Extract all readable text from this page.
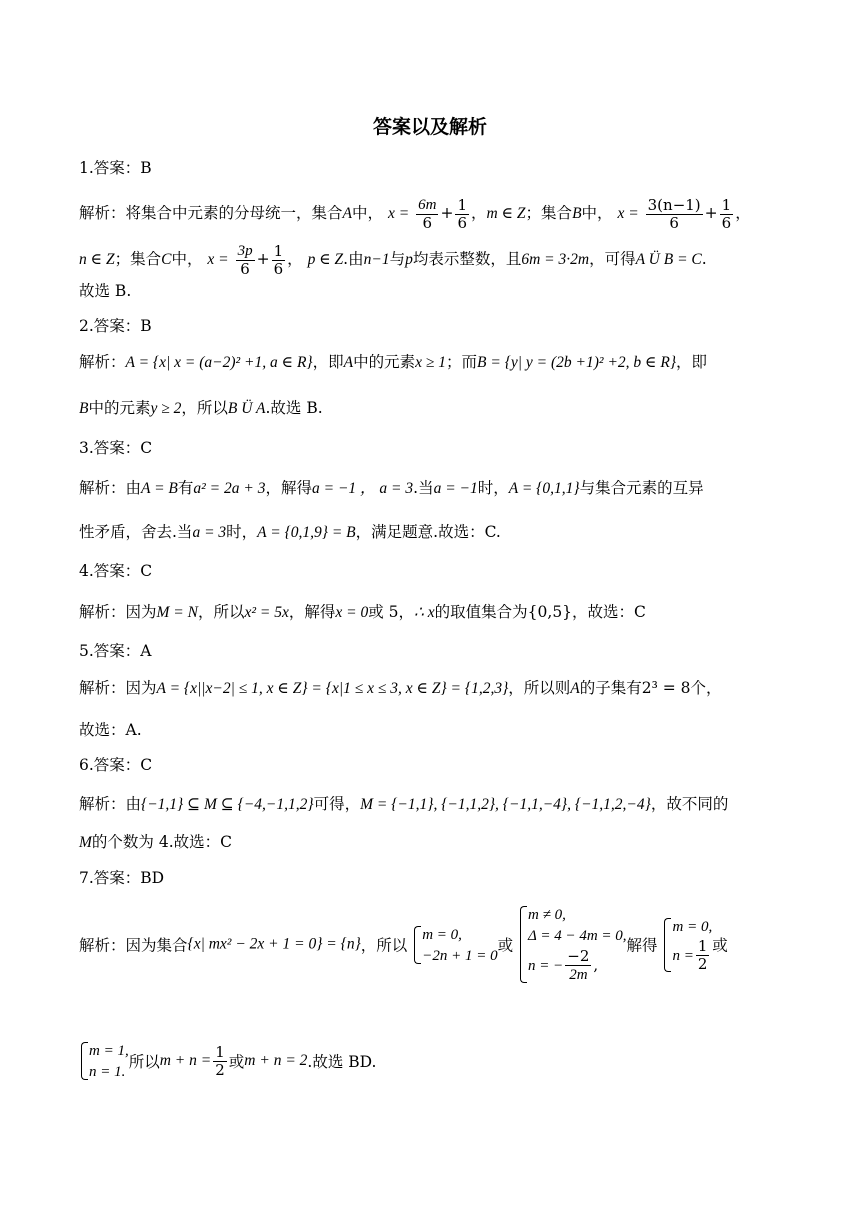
答案以及解析
1.答案：B
解析：将集合中元素的分母统一，集合A中， $x = \frac{6m}{6} + \frac{1}{6}$ ，m ∈ Z；集合B中， $x = \frac{3(n-1)}{6} + \frac{1}{6}$ ，
n ∈ Z；集合C中， $x = \frac{3p}{6} + \frac{1}{6}$ ， p ∈ Z.由n−1与p均表示整数，且6m = 3·2m，可得A Ü B = C.
故选 B.
2.答案：B
解析：A = {x| x = (a−2)² +1, a ∈ R}，即A中的元素x ≥ 1；而B = {y| y = (2b +1)² +2, b ∈ R}，即
B中的元素y ≥ 2，所以B Ü A.故选 B.
3.答案：C
解析：由A = B有a² = 2a + 3，解得a = −1 ， a = 3.当a = −1时，A = {0,1,1}与集合元素的互异
性矛盾，舍去.当a = 3时，A = {0,1,9} = B，满足题意.故选：C.
4.答案：C
解析：因为M = N，所以x² = 5x，解得x = 0或 5，∴ x的取值集合为{0,5}，故选：C
5.答案：A
解析：因为A = {x||x−2| ≤ 1, x ∈ Z} = {x|1 ≤ x ≤ 3, x ∈ Z} = {1,2,3}，所以则A的子集有2³ = 8个，
故选：A.
6.答案：C
解析：由{−1,1} ⊆ M ⊆ {−4,−1,1,2}可得，M = {−1,1}, {−1,1,2}, {−1,1,−4}, {−1,1,2,−4}，故不同的
M的个数为 4.故选：C
7.答案：BD
解析：因为集合{x| mx² − 2x + 1 = 0} = {n}，所以
m = 0,
−2n + 1 = 0
或
m ≠ 0,
Δ = 4 − 4m = 0,
n = − $\frac{-2}{2m}$ ,
解得
m = 0,
$n = \frac{1}{2}$ 或
m = 1,
n = 1.
所以$m + n = \frac{1}{2}$ 或m + n = 2.故选 BD.
